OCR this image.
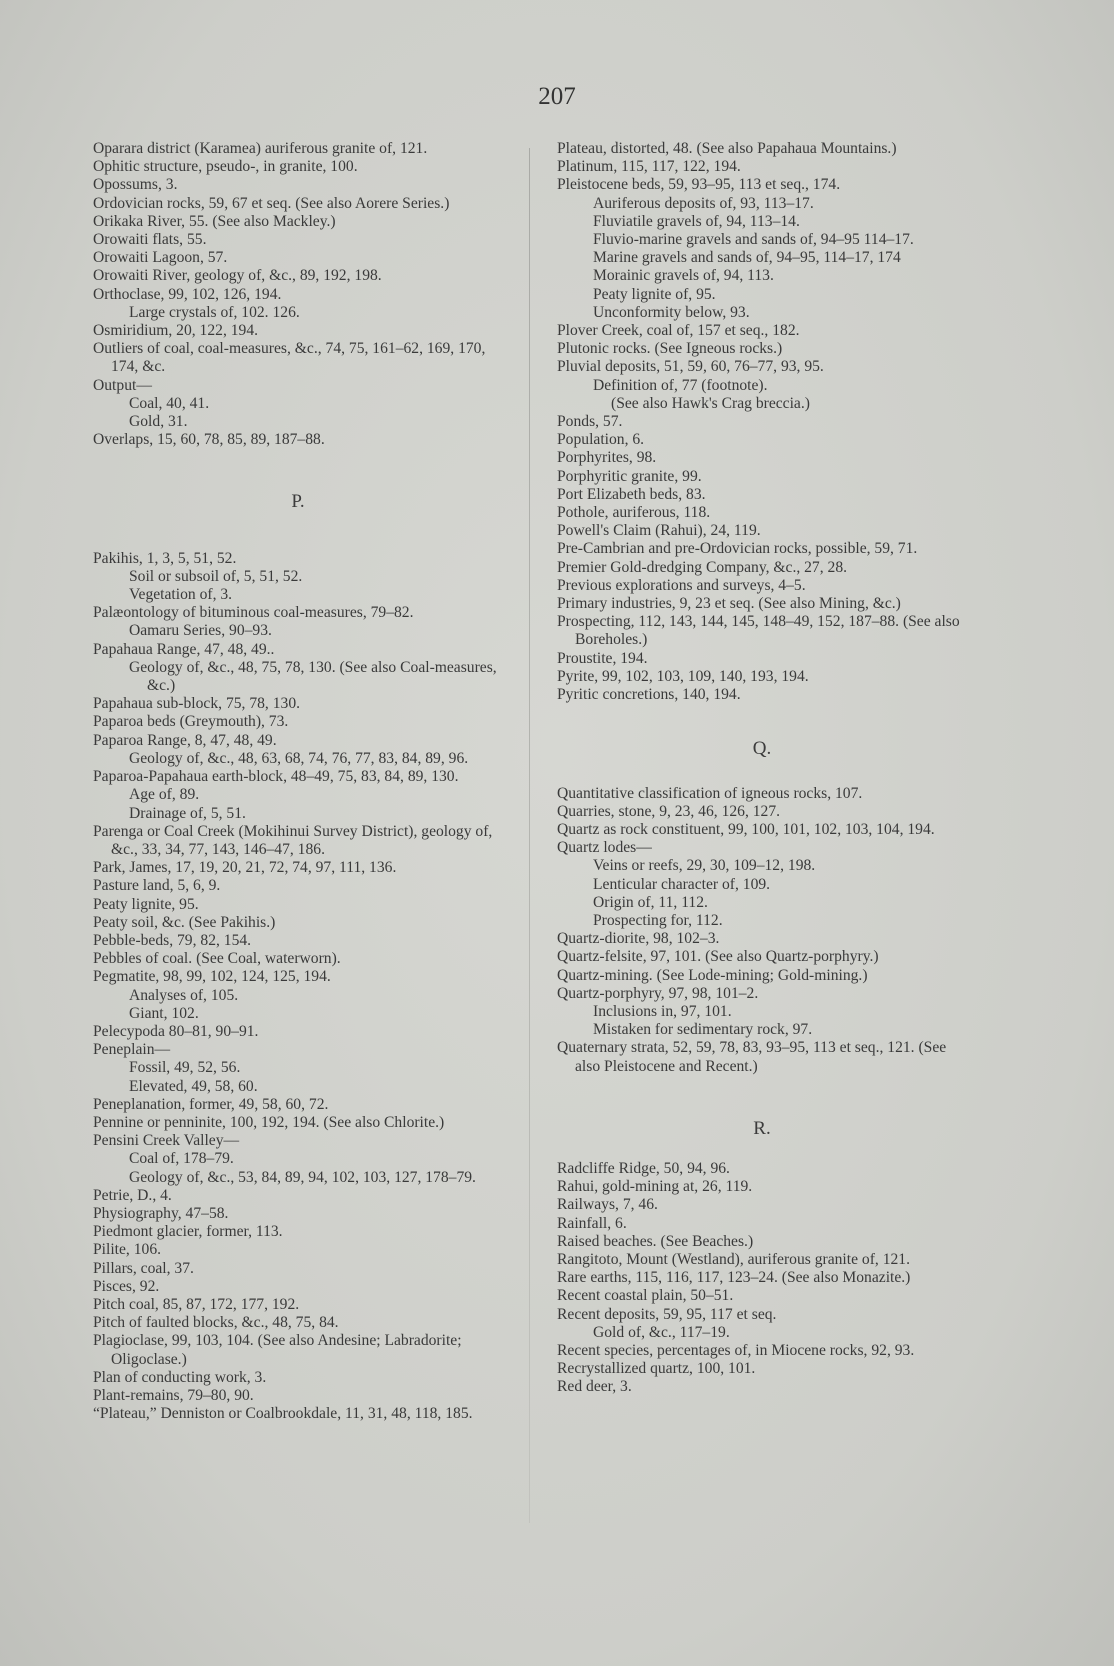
207
Oparara district (Karamea) auriferous granite of, 121.
Ophitic structure, pseudo-, in granite, 100.
Opossums, 3.
Ordovician rocks, 59, 67 et seq. (See also Aorere Series.)
Orikaka River, 55. (See also Mackley.)
Orowaiti flats, 55.
Orowaiti Lagoon, 57.
Orowaiti River, geology of, &c., 89, 192, 198.
Orthoclase, 99, 102, 126, 194.
Large crystals of, 102. 126.
Osmiridium, 20, 122, 194.
Outliers of coal, coal-measures, &c., 74, 75, 161–62, 169, 170, 174, &c.
Output—
Coal, 40, 41.
Gold, 31.
Overlaps, 15, 60, 78, 85, 89, 187–88.
P.
Pakihis, 1, 3, 5, 51, 52.
Soil or subsoil of, 5, 51, 52.
Vegetation of, 3.
Palæontology of bituminous coal-measures, 79–82.
Oamaru Series, 90–93.
Papahaua Range, 47, 48, 49..
Geology of, &c., 48, 75, 78, 130. (See also Coal-measures, &c.)
Papahaua sub-block, 75, 78, 130.
Paparoa beds (Greymouth), 73.
Paparoa Range, 8, 47, 48, 49.
Geology of, &c., 48, 63, 68, 74, 76, 77, 83, 84, 89, 96.
Paparoa-Papahaua earth-block, 48–49, 75, 83, 84, 89, 130.
Age of, 89.
Drainage of, 5, 51.
Parenga or Coal Creek (Mokihinui Survey District), geology of, &c., 33, 34, 77, 143, 146–47, 186.
Park, James, 17, 19, 20, 21, 72, 74, 97, 111, 136.
Pasture land, 5, 6, 9.
Peaty lignite, 95.
Peaty soil, &c. (See Pakihis.)
Pebble-beds, 79, 82, 154.
Pebbles of coal. (See Coal, waterworn).
Pegmatite, 98, 99, 102, 124, 125, 194.
Analyses of, 105.
Giant, 102.
Pelecypoda 80–81, 90–91.
Peneplain—
Fossil, 49, 52, 56.
Elevated, 49, 58, 60.
Peneplanation, former, 49, 58, 60, 72.
Pennine or penninite, 100, 192, 194. (See also Chlorite.)
Pensini Creek Valley—
Coal of, 178–79.
Geology of, &c., 53, 84, 89, 94, 102, 103, 127, 178–79.
Petrie, D., 4.
Physiography, 47–58.
Piedmont glacier, former, 113.
Pilite, 106.
Pillars, coal, 37.
Pisces, 92.
Pitch coal, 85, 87, 172, 177, 192.
Pitch of faulted blocks, &c., 48, 75, 84.
Plagioclase, 99, 103, 104. (See also Andesine; Labradorite; Oligoclase.)
Plan of conducting work, 3.
Plant-remains, 79–80, 90.
“Plateau,” Denniston or Coalbrookdale, 11, 31, 48, 118, 185.
Plateau, distorted, 48. (See also Papahaua Mountains.)
Platinum, 115, 117, 122, 194.
Pleistocene beds, 59, 93–95, 113 et seq., 174.
Auriferous deposits of, 93, 113–17.
Fluviatile gravels of, 94, 113–14.
Fluvio-marine gravels and sands of, 94–95 114–17.
Marine gravels and sands of, 94–95, 114–17, 174
Morainic gravels of, 94, 113.
Peaty lignite of, 95.
Unconformity below, 93.
Plover Creek, coal of, 157 et seq., 182.
Plutonic rocks. (See Igneous rocks.)
Pluvial deposits, 51, 59, 60, 76–77, 93, 95.
Definition of, 77 (footnote).
(See also Hawk's Crag breccia.)
Ponds, 57.
Population, 6.
Porphyrites, 98.
Porphyritic granite, 99.
Port Elizabeth beds, 83.
Pothole, auriferous, 118.
Powell's Claim (Rahui), 24, 119.
Pre-Cambrian and pre-Ordovician rocks, possible, 59, 71.
Premier Gold-dredging Company, &c., 27, 28.
Previous explorations and surveys, 4–5.
Primary industries, 9, 23 et seq. (See also Mining, &c.)
Prospecting, 112, 143, 144, 145, 148–49, 152, 187–88. (See also Boreholes.)
Proustite, 194.
Pyrite, 99, 102, 103, 109, 140, 193, 194.
Pyritic concretions, 140, 194.
Q.
Quantitative classification of igneous rocks, 107.
Quarries, stone, 9, 23, 46, 126, 127.
Quartz as rock constituent, 99, 100, 101, 102, 103, 104, 194.
Quartz lodes—
Veins or reefs, 29, 30, 109–12, 198.
Lenticular character of, 109.
Origin of, 11, 112.
Prospecting for, 112.
Quartz-diorite, 98, 102–3.
Quartz-felsite, 97, 101. (See also Quartz-porphyry.)
Quartz-mining. (See Lode-mining; Gold-mining.)
Quartz-porphyry, 97, 98, 101–2.
Inclusions in, 97, 101.
Mistaken for sedimentary rock, 97.
Quaternary strata, 52, 59, 78, 83, 93–95, 113 et seq., 121. (See also Pleistocene and Recent.)
R.
Radcliffe Ridge, 50, 94, 96.
Rahui, gold-mining at, 26, 119.
Railways, 7, 46.
Rainfall, 6.
Raised beaches. (See Beaches.)
Rangitoto, Mount (Westland), auriferous granite of, 121.
Rare earths, 115, 116, 117, 123–24. (See also Monazite.)
Recent coastal plain, 50–51.
Recent deposits, 59, 95, 117 et seq.
Gold of, &c., 117–19.
Recent species, percentages of, in Miocene rocks, 92, 93.
Recrystallized quartz, 100, 101.
Red deer, 3.
